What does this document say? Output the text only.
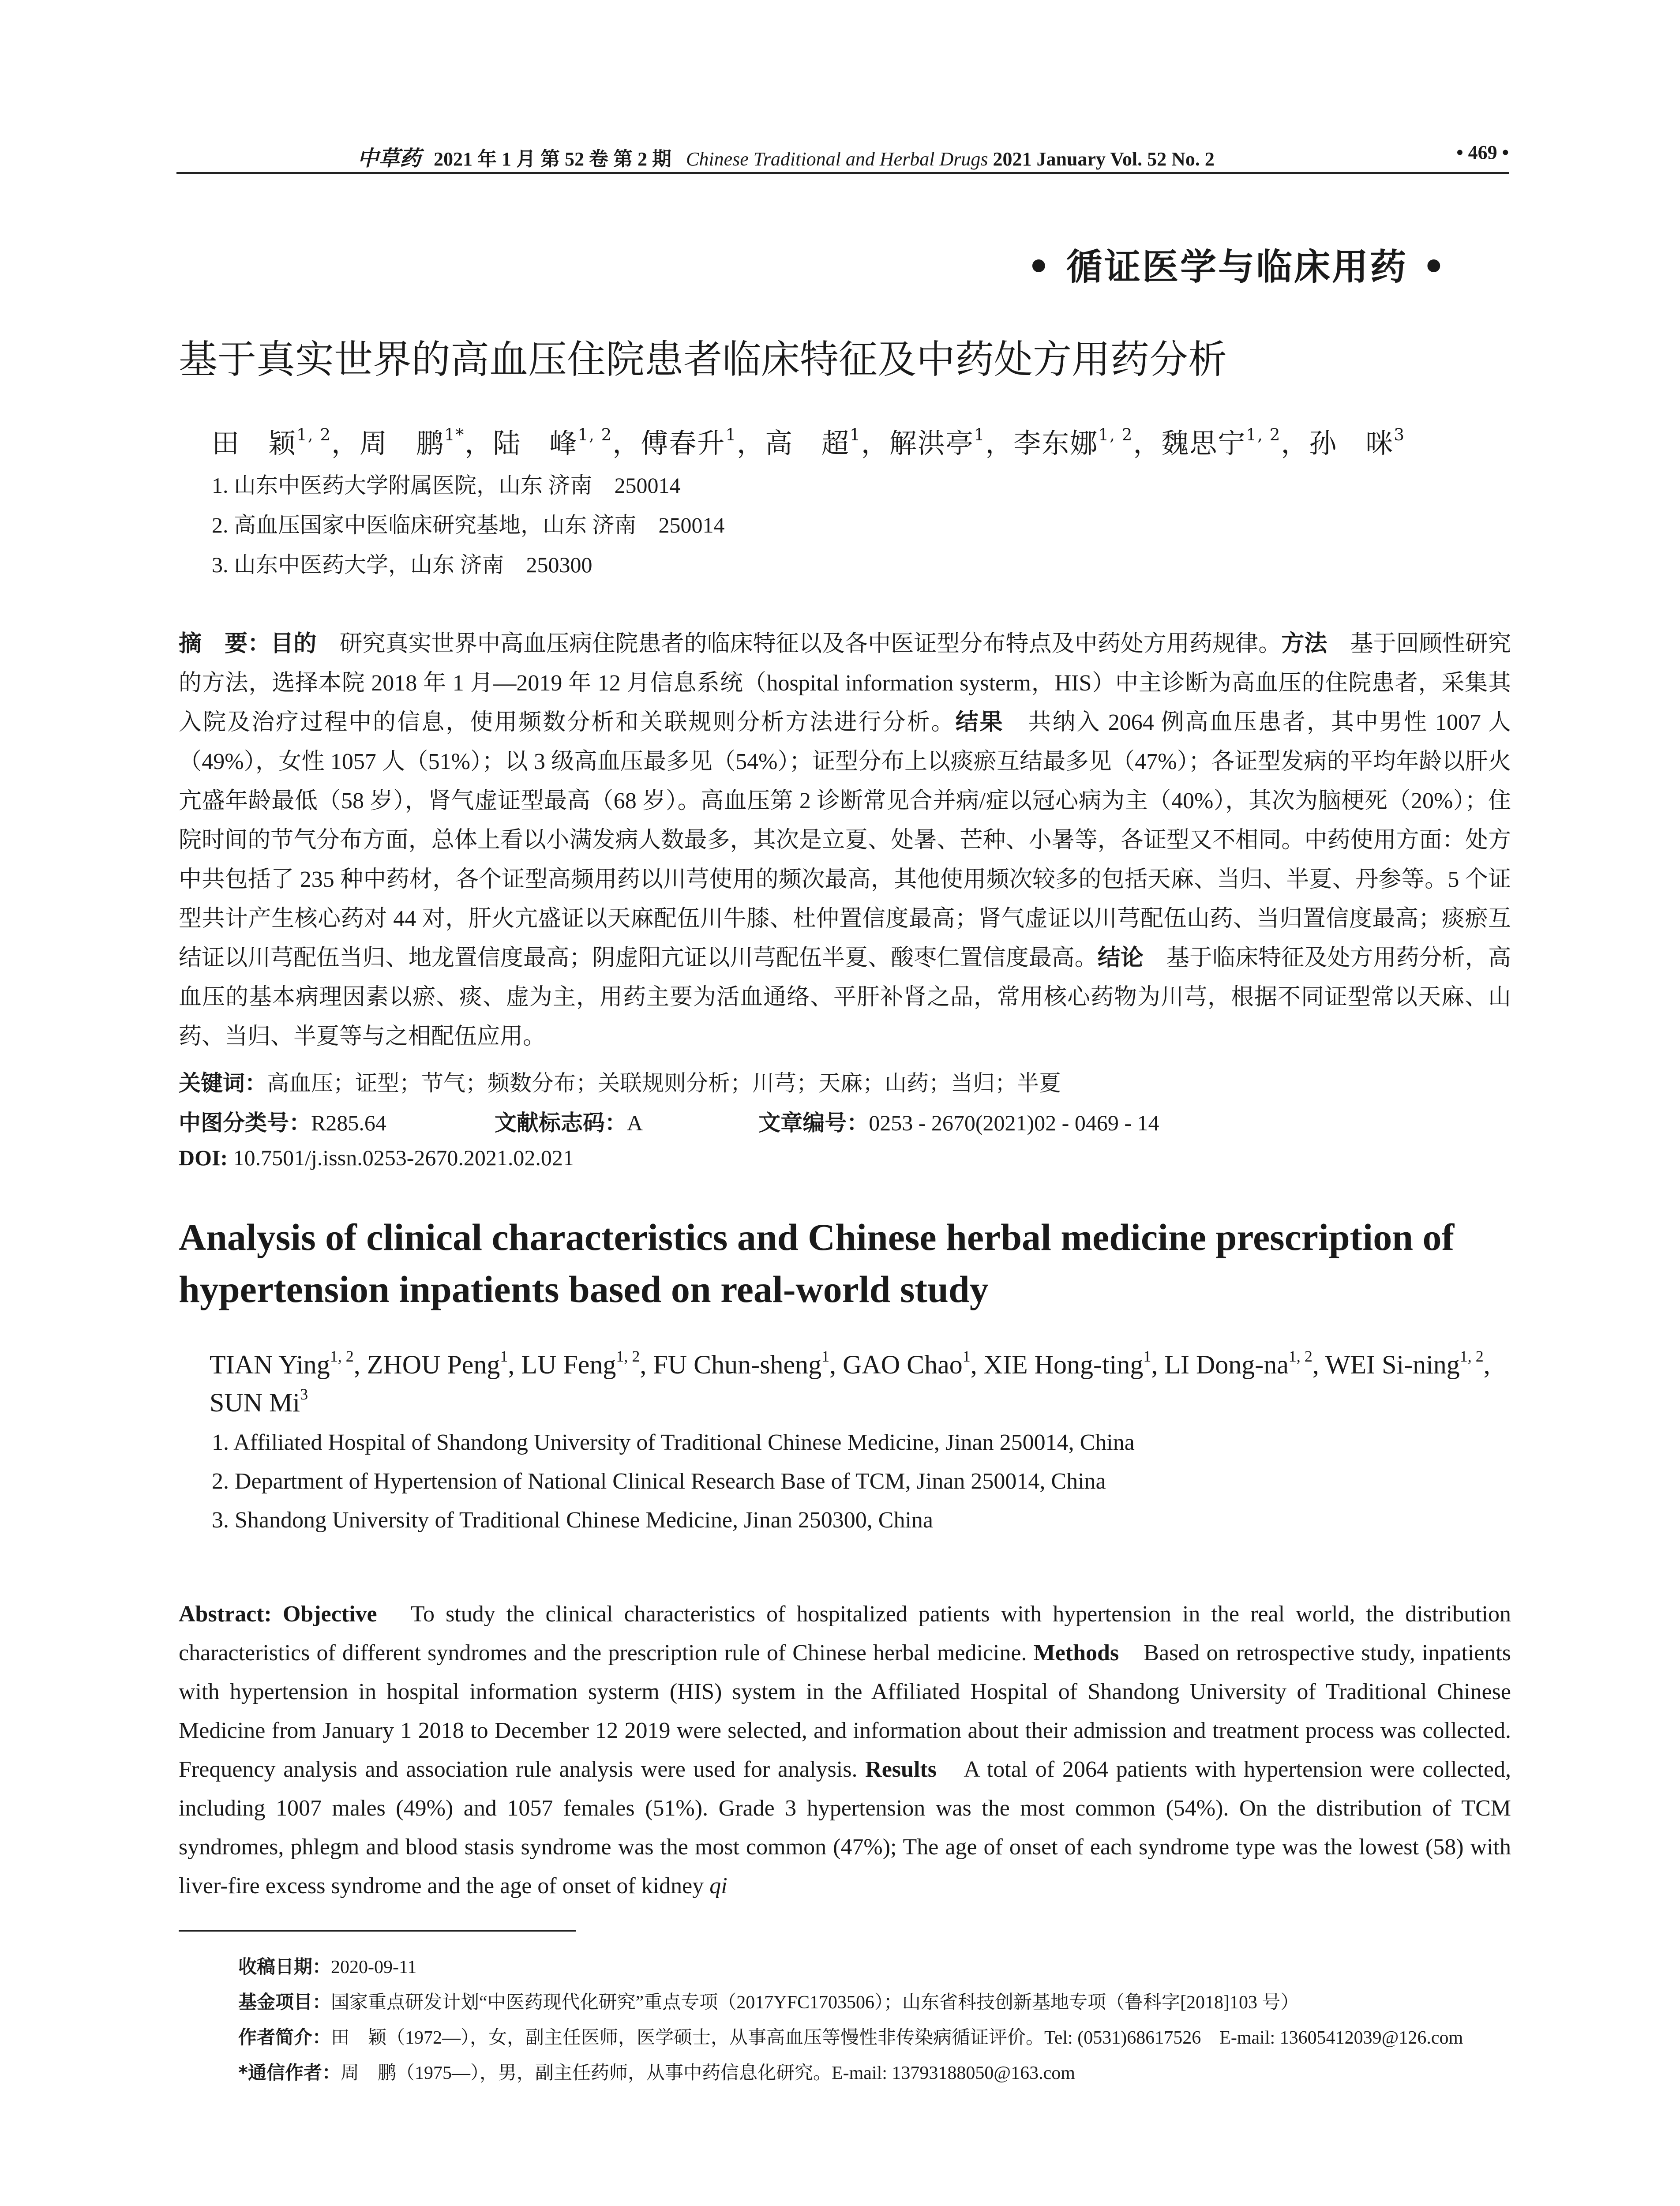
中草药 2021 年 1 月 第 52 卷 第 2 期 Chinese Traditional and Herbal Drugs 2021 January Vol. 52 No. 2	• 469 •
• 循证医学与临床用药 •
基于真实世界的高血压住院患者临床特征及中药处方用药分析
田　颖$^{1, 2}$，周　鹏$^{1*}$，陆　峰$^{1, 2}$，傅春升$^1$，高　超$^1$，解洪亭$^1$，李东娜$^{1, 2}$，魏思宁$^{1, 2}$，孙　咪$^3$
1. 山东中医药大学附属医院，山东 济南　250014
2. 高血压国家中医临床研究基地，山东 济南　250014
3. 山东中医药大学，山东 济南　250300
摘　要：目的　研究真实世界中高血压病住院患者的临床特征以及各中医证型分布特点及中药处方用药规律。方法　基于回顾性研究的方法，选择本院 2018 年 1 月—2019 年 12 月信息系统（hospital information systerm，HIS）中主诊断为高血压的住院患者，采集其入院及治疗过程中的信息，使用频数分析和关联规则分析方法进行分析。结果　共纳入 2064 例高血压患者，其中男性 1007 人（49%），女性 1057 人（51%）；以 3 级高血压最多见（54%）；证型分布上以痰瘀互结最多见（47%）；各证型发病的平均年龄以肝火亢盛年龄最低（58 岁），肾气虚证型最高（68 岁）。高血压第 2 诊断常见合并病/症以冠心病为主（40%），其次为脑梗死（20%）；住院时间的节气分布方面，总体上看以小满发病人数最多，其次是立夏、处暑、芒种、小暑等，各证型又不相同。中药使用方面：处方中共包括了 235 种中药材，各个证型高频用药以川芎使用的频次最高，其他使用频次较多的包括天麻、当归、半夏、丹参等。5 个证型共计产生核心药对 44 对，肝火亢盛证以天麻配伍川牛膝、杜仲置信度最高；肾气虚证以川芎配伍山药、当归置信度最高；痰瘀互结证以川芎配伍当归、地龙置信度最高；阴虚阳亢证以川芎配伍半夏、酸枣仁置信度最高。结论　基于临床特征及处方用药分析，高血压的基本病理因素以瘀、痰、虚为主，用药主要为活血通络、平肝补肾之品，常用核心药物为川芎，根据不同证型常以天麻、山药、当归、半夏等与之相配伍应用。
关键词：高血压；证型；节气；频数分布；关联规则分析；川芎；天麻；山药；当归；半夏
中图分类号：R285.64	文献标志码：A	文章编号：0253 - 2670(2021)02 - 0469 - 14
DOI: 10.7501/j.issn.0253-2670.2021.02.021
Analysis of clinical characteristics and Chinese herbal medicine prescription of hypertension inpatients based on real-world study
TIAN Ying$^{1, 2}$, ZHOU Peng$^1$, LU Feng$^{1, 2}$, FU Chun-sheng$^1$, GAO Chao$^1$, XIE Hong-ting$^1$, LI Dong-na$^{1, 2}$, WEI Si-ning$^{1, 2}$, SUN Mi$^3$
1. Affiliated Hospital of Shandong University of Traditional Chinese Medicine, Jinan 250014, China
2. Department of Hypertension of National Clinical Research Base of TCM, Jinan 250014, China
3. Shandong University of Traditional Chinese Medicine, Jinan 250300, China
Abstract: Objective　To study the clinical characteristics of hospitalized patients with hypertension in the real world, the distribution characteristics of different syndromes and the prescription rule of Chinese herbal medicine. Methods　Based on retrospective study, inpatients with hypertension in hospital information systerm (HIS) system in the Affiliated Hospital of Shandong University of Traditional Chinese Medicine from January 1 2018 to December 12 2019 were selected, and information about their admission and treatment process was collected. Frequency analysis and association rule analysis were used for analysis. Results　A total of 2064 patients with hypertension were collected, including 1007 males (49%) and 1057 females (51%). Grade 3 hypertension was the most common (54%). On the distribution of TCM syndromes, phlegm and blood stasis syndrome was the most common (47%); The age of onset of each syndrome type was the lowest (58) with liver-fire excess syndrome and the age of onset of kidney qi
收稿日期：2020-09-11
基金项目：国家重点研发计划“中医药现代化研究”重点专项（2017YFC1703506）；山东省科技创新基地专项（鲁科字[2018]103 号）
作者简介：田　颖（1972—），女，副主任医师，医学硕士，从事高血压等慢性非传染病循证评价。Tel: (0531)68617526　E-mail: 13605412039@126.com
*通信作者：周　鹏（1975—），男，副主任药师，从事中药信息化研究。E-mail: 13793188050@163.com
